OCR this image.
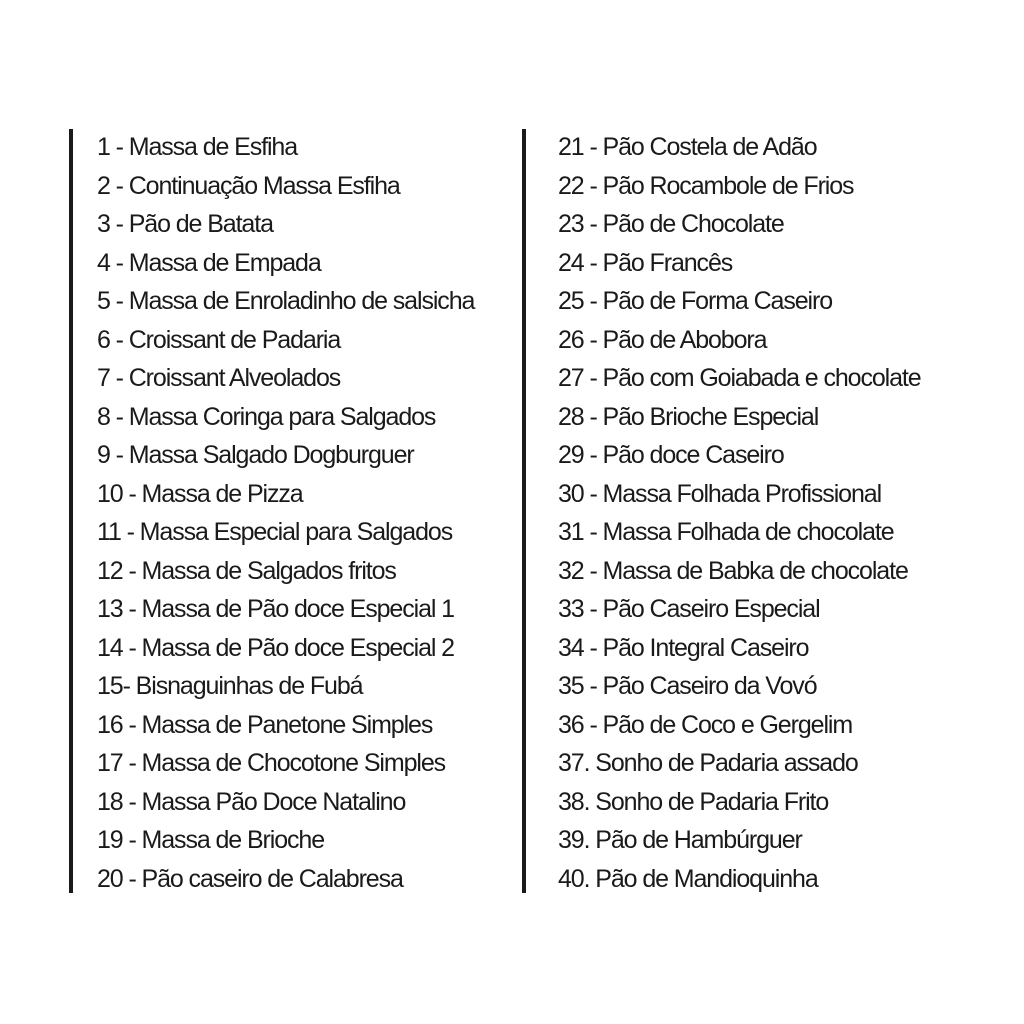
1 - Massa de Esfiha
2 - Continuação Massa Esfiha
3 - Pão de Batata
4 - Massa de Empada
5 - Massa de Enroladinho de salsicha
6 - Croissant de Padaria
7 - Croissant Alveolados
8 - Massa Coringa para Salgados
9 - Massa Salgado Dogburguer
10 - Massa de Pizza
11 - Massa Especial para Salgados
12 - Massa de Salgados fritos
13 - Massa de Pão doce Especial 1
14 - Massa de Pão doce Especial 2
15- Bisnaguinhas de Fubá
16 - Massa de Panetone Simples
17 - Massa de Chocotone Simples
18 - Massa Pão Doce Natalino
19 - Massa de Brioche
20 - Pão caseiro de Calabresa
21 - Pão Costela de Adão
22 - Pão Rocambole de Frios
23 - Pão de Chocolate
24 - Pão Francês
25 - Pão de Forma Caseiro
26 - Pão de Abobora
27 - Pão com Goiabada e chocolate
28 - Pão Brioche Especial
29 - Pão doce Caseiro
30 - Massa Folhada Profissional
31 - Massa Folhada de chocolate
32 - Massa de Babka de chocolate
33 - Pão Caseiro Especial
34 - Pão Integral Caseiro
35 - Pão Caseiro da Vovó
36 - Pão de Coco e Gergelim
37. Sonho de Padaria assado
38. Sonho de Padaria Frito
39. Pão de Hambúrguer
40. Pão de Mandioquinha
